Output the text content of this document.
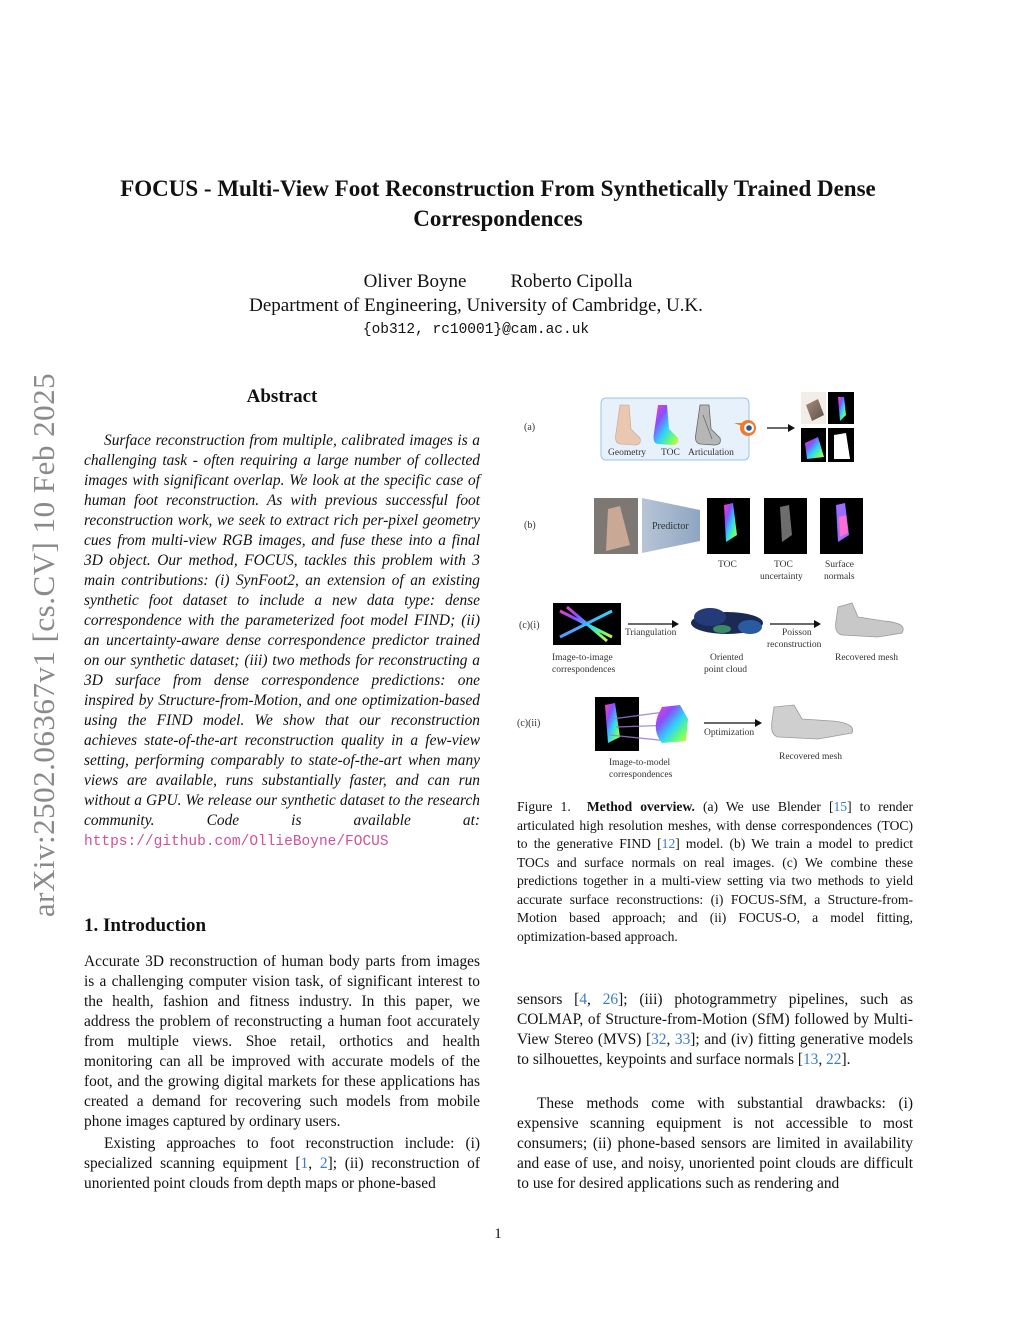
arXiv:2502.06367v1 [cs.CV] 10 Feb 2025
FOCUS - Multi-View Foot Reconstruction From Synthetically Trained Dense Correspondences
Oliver Boyne Roberto Cipolla
Department of Engineering, University of Cambridge, U.K.
{ob312, rc10001}@cam.ac.uk
Abstract

Surface reconstruction from multiple, calibrated images is a challenging task - often requiring a large number of collected images with significant overlap. We look at the specific case of human foot reconstruction. As with previous successful foot reconstruction work, we seek to extract rich per-pixel geometry cues from multi-view RGB images, and fuse these into a final 3D object. Our method, FOCUS, tackles this problem with 3 main contributions: (i) SynFoot2, an extension of an existing synthetic foot dataset to include a new data type: dense correspondence with the parameterized foot model FIND; (ii) an uncertainty-aware dense correspondence predictor trained on our synthetic dataset; (iii) two methods for reconstructing a 3D surface from dense correspondence predictions: one inspired by Structure-from-Motion, and one optimization-based using the FIND model. We show that our reconstruction achieves state-of-the-art reconstruction quality in a few-view setting, performing comparably to state-of-the-art when many views are available, runs substantially faster, and can run without a GPU. We release our synthetic dataset to the research community. Code is available at: https://github.com/OllieBoyne/FOCUS

1. Introduction

Accurate 3D reconstruction of human body parts from images is a challenging computer vision task, of significant interest to the health, fashion and fitness industry. In this paper, we address the problem of reconstructing a human foot accurately from multiple views. Shoe retail, orthotics and health monitoring can all be improved with accurate models of the foot, and the growing digital markets for these applications has created a demand for recovering such models from mobile phone images captured by ordinary users.

Existing approaches to foot reconstruction include: (i) specialized scanning equipment [1, 2]; (ii) reconstruction of unoriented point clouds from depth maps or phone-based

sensors [4, 26]; (iii) photogrammetry pipelines, such as COLMAP, of Structure-from-Motion (SfM) followed by Multi-View Stereo (MVS) [32, 33]; and (iv) fitting generative models to silhouettes, keypoints and surface normals [13, 22].

These methods come with substantial drawbacks: (i) expensive scanning equipment is not accessible to most consumers; (ii) phone-based sensors are limited in availability and ease of use, and noisy, unoriented point clouds are difficult to use for desired applications such as rendering and

(a)
(b)
(c)(i)
(c)(ii)
Geometry TOC Articulation
Predictor
TOC	TOC
uncertainty
Surface
normals
Triangulation	Poisson
reconstruction
Image-to-image
correspondences
Oriented
point cloud
Recovered mesh
Optimization
Image-to-model
correspondences
Recovered mesh

Figure 1. Method overview. (a) We use Blender [15] to render articulated high resolution meshes, with dense correspondences (TOC) to the generative FIND [12] model. (b) We train a model to predict TOCs and surface normals on real images. (c) We combine these predictions together in a multi-view setting via two methods to yield accurate surface reconstructions: (i) FOCUS-SfM, a Structure-from-Motion based approach; and (ii) FOCUS-O, a model fitting, optimization-based approach.

1
